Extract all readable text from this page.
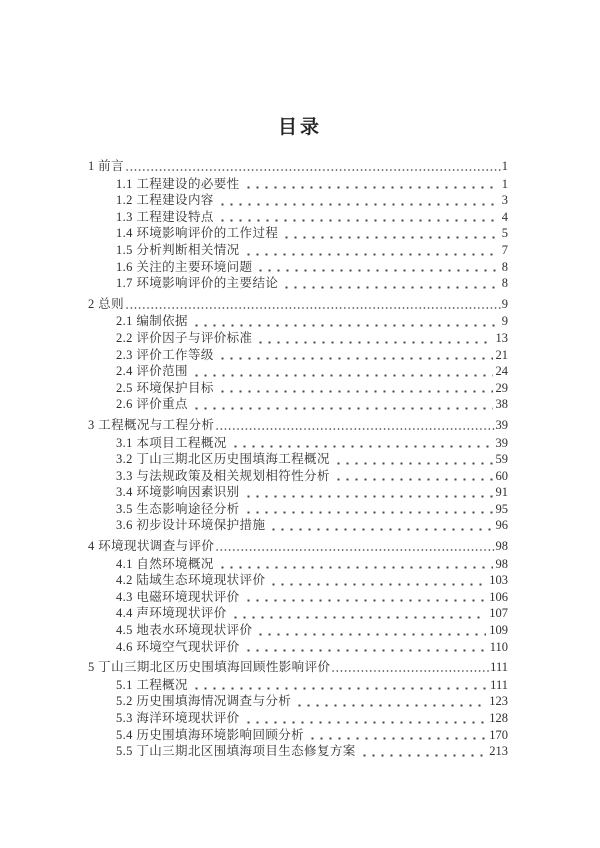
目录
1 前言	1
1.1 工程建设的必要性	1
1.2 工程建设内容	3
1.3 工程建设特点	4
1.4 环境影响评价的工作过程	5
1.5 分析判断相关情况	7
1.6 关注的主要环境问题	8
1.7 环境影响评价的主要结论	8
2 总则	9
2.1 编制依据	9
2.2 评价因子与评价标准	13
2.3 评价工作等级	21
2.4 评价范围	24
2.5 环境保护目标	29
2.6 评价重点	38
3 工程概况与工程分析	39
3.1 本项目工程概况	39
3.2 丁山三期北区历史围填海工程概况	59
3.3 与法规政策及相关规划相符性分析	60
3.4 环境影响因素识别	91
3.5 生态影响途径分析	95
3.6 初步设计环境保护措施	96
4 环境现状调查与评价	98
4.1 自然环境概况	98
4.2 陆域生态环境现状评价	103
4.3 电磁环境现状评价	106
4.4 声环境现状评价	107
4.5 地表水环境现状评价	109
4.6 环境空气现状评价	110
5 丁山三期北区历史围填海回顾性影响评价	111
5.1 工程概况	111
5.2 历史围填海情况调查与分析	123
5.3 海洋环境现状评价	128
5.4 历史围填海环境影响回顾分析	170
5.5 丁山三期北区围填海项目生态修复方案	213
